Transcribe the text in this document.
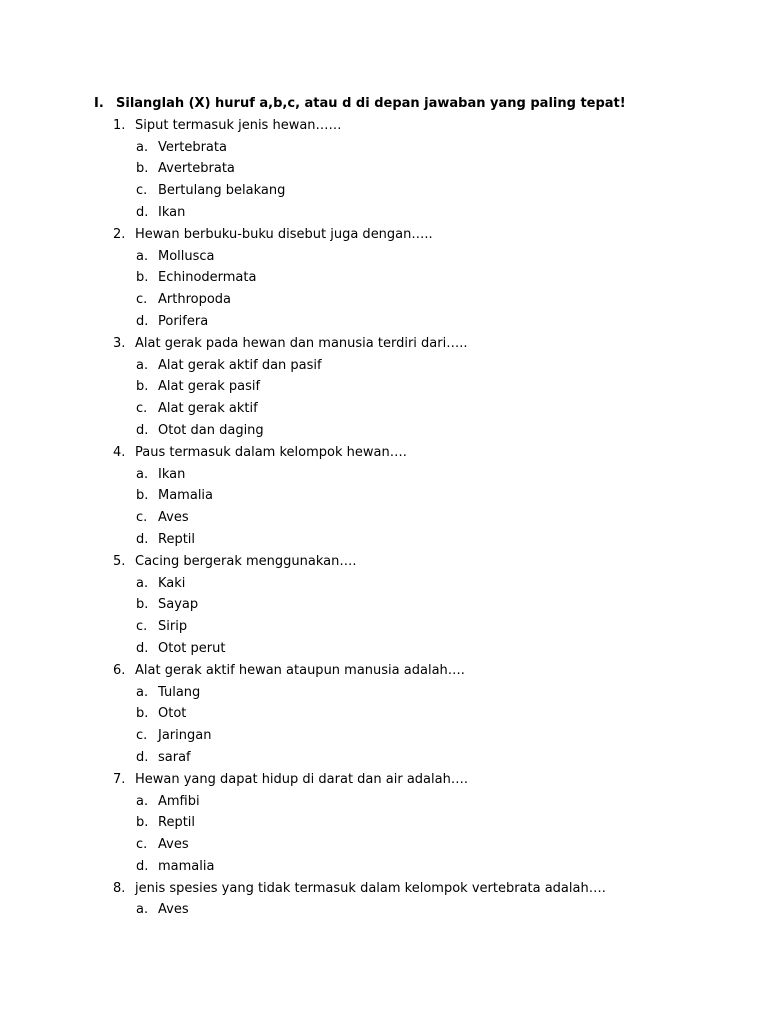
I. Silanglah (X) huruf a,b,c, atau d di depan jawaban yang paling tepat!
1. Siput termasuk jenis hewan……
a. Vertebrata
b. Avertebrata
c. Bertulang belakang
d. Ikan
2. Hewan berbuku-buku disebut juga dengan…..
a. Mollusca
b. Echinodermata
c. Arthropoda
d. Porifera
3. Alat gerak pada hewan dan manusia terdiri dari…..
a. Alat gerak aktif dan pasif
b. Alat gerak pasif
c. Alat gerak aktif
d. Otot dan daging
4. Paus termasuk dalam kelompok hewan….
a. Ikan
b. Mamalia
c. Aves
d. Reptil
5. Cacing bergerak menggunakan….
a. Kaki
b. Sayap
c. Sirip
d. Otot perut
6. Alat gerak aktif hewan ataupun manusia adalah….
a. Tulang
b. Otot
c. Jaringan
d. saraf
7. Hewan yang dapat hidup di darat dan air adalah….
a. Amfibi
b. Reptil
c. Aves
d. mamalia
8. jenis spesies yang tidak termasuk dalam kelompok vertebrata adalah….
a. Aves
